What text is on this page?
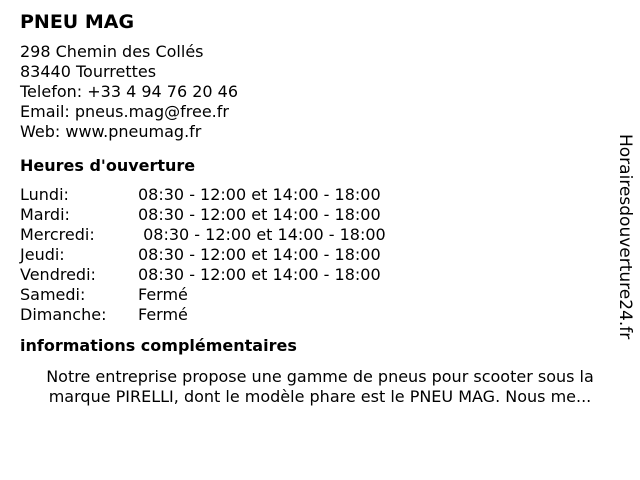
PNEU MAG
298 Chemin des Collés
83440 Tourrettes
Telefon: +33 4 94 76 20 46
Email: pneus.mag@free.fr
Web: www.pneumag.fr
Heures d'ouverture
Lundi:	08:30 - 12:00 et 14:00 - 18:00
Mardi:	08:30 - 12:00 et 14:00 - 18:00
Mercredi:	08:30 - 12:00 et 14:00 - 18:00
Jeudi:	08:30 - 12:00 et 14:00 - 18:00
Vendredi:	08:30 - 12:00 et 14:00 - 18:00
Samedi:	Fermé
Dimanche:	Fermé
informations complémentaires
Notre entreprise propose une gamme de pneus pour scooter sous la
marque PIRELLI, dont le modèle phare est le PNEU MAG. Nous me...
Horairesdouverture24.fr
